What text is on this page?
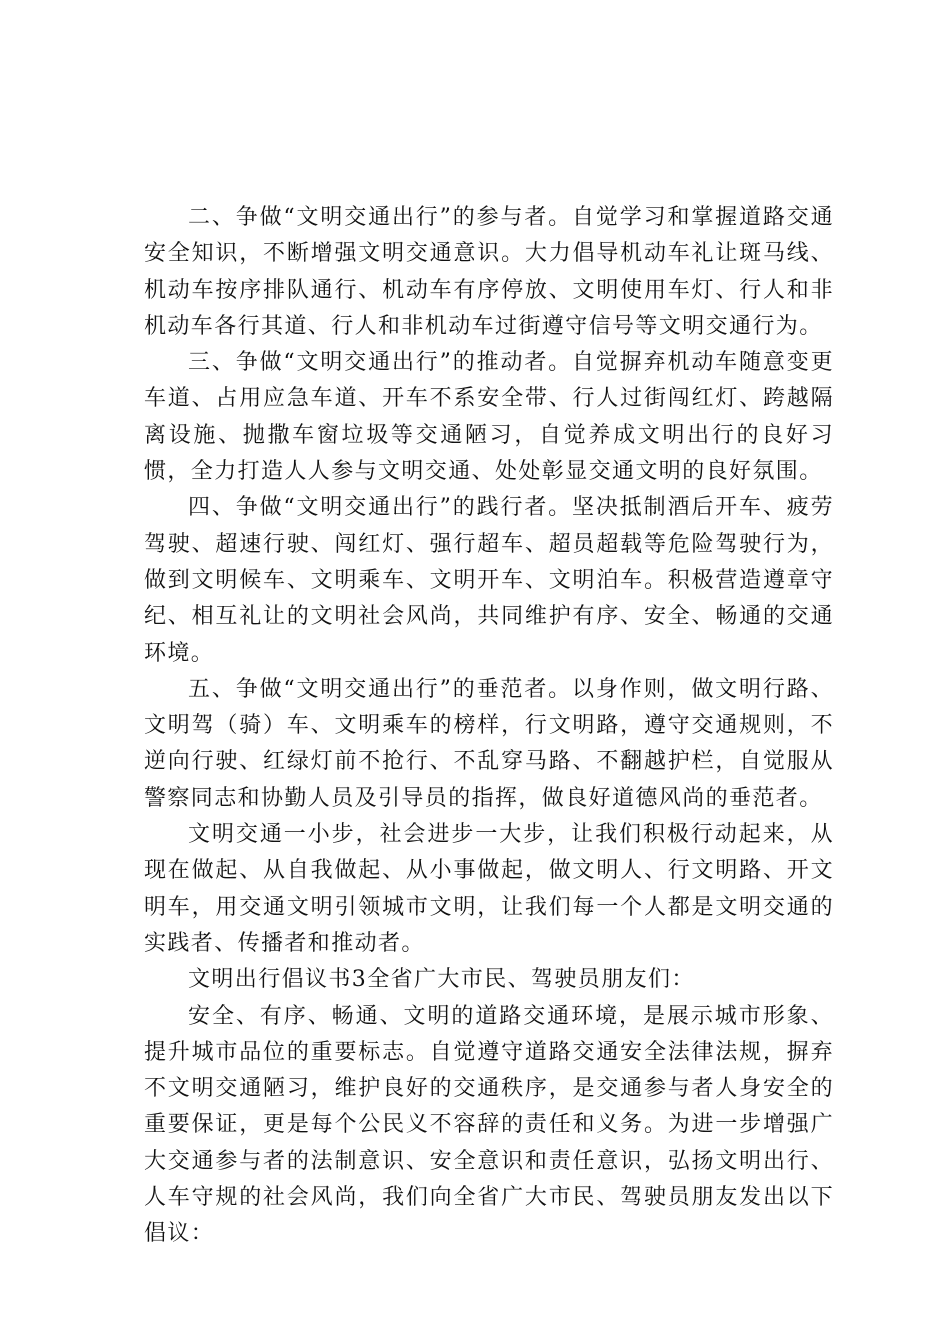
二、争做“文明交通出行”的参与者。自觉学习和掌握道路交通安全知识，不断增强文明交通意识。大力倡导机动车礼让斑马线、机动车按序排队通行、机动车有序停放、文明使用车灯、行人和非机动车各行其道、行人和非机动车过街遵守信号等文明交通行为。

三、争做“文明交通出行”的推动者。自觉摒弃机动车随意变更车道、占用应急车道、开车不系安全带、行人过街闯红灯、跨越隔离设施、抛撒车窗垃圾等交通陋习，自觉养成文明出行的良好习惯，全力打造人人参与文明交通、处处彰显交通文明的良好氛围。

四、争做“文明交通出行”的践行者。坚决抵制酒后开车、疲劳驾驶、超速行驶、闯红灯、强行超车、超员超载等危险驾驶行为，做到文明候车、文明乘车、文明开车、文明泊车。积极营造遵章守纪、相互礼让的文明社会风尚，共同维护有序、安全、畅通的交通环境。

五、争做“文明交通出行”的垂范者。以身作则，做文明行路、文明驾（骑）车、文明乘车的榜样，行文明路，遵守交通规则，不逆向行驶、红绿灯前不抢行、不乱穿马路、不翻越护栏，自觉服从警察同志和协勤人员及引导员的指挥，做良好道德风尚的垂范者。

文明交通一小步，社会进步一大步，让我们积极行动起来，从现在做起、从自我做起、从小事做起，做文明人、行文明路、开文明车，用交通文明引领城市文明，让我们每一个人都是文明交通的实践者、传播者和推动者。

文明出行倡议书3全省广大市民、驾驶员朋友们：

安全、有序、畅通、文明的道路交通环境，是展示城市形象、提升城市品位的重要标志。自觉遵守道路交通安全法律法规，摒弃不文明交通陋习，维护良好的交通秩序，是交通参与者人身安全的重要保证，更是每个公民义不容辞的责任和义务。为进一步增强广大交通参与者的法制意识、安全意识和责任意识，弘扬文明出行、人车守规的社会风尚，我们向全省广大市民、驾驶员朋友发出以下倡议：
